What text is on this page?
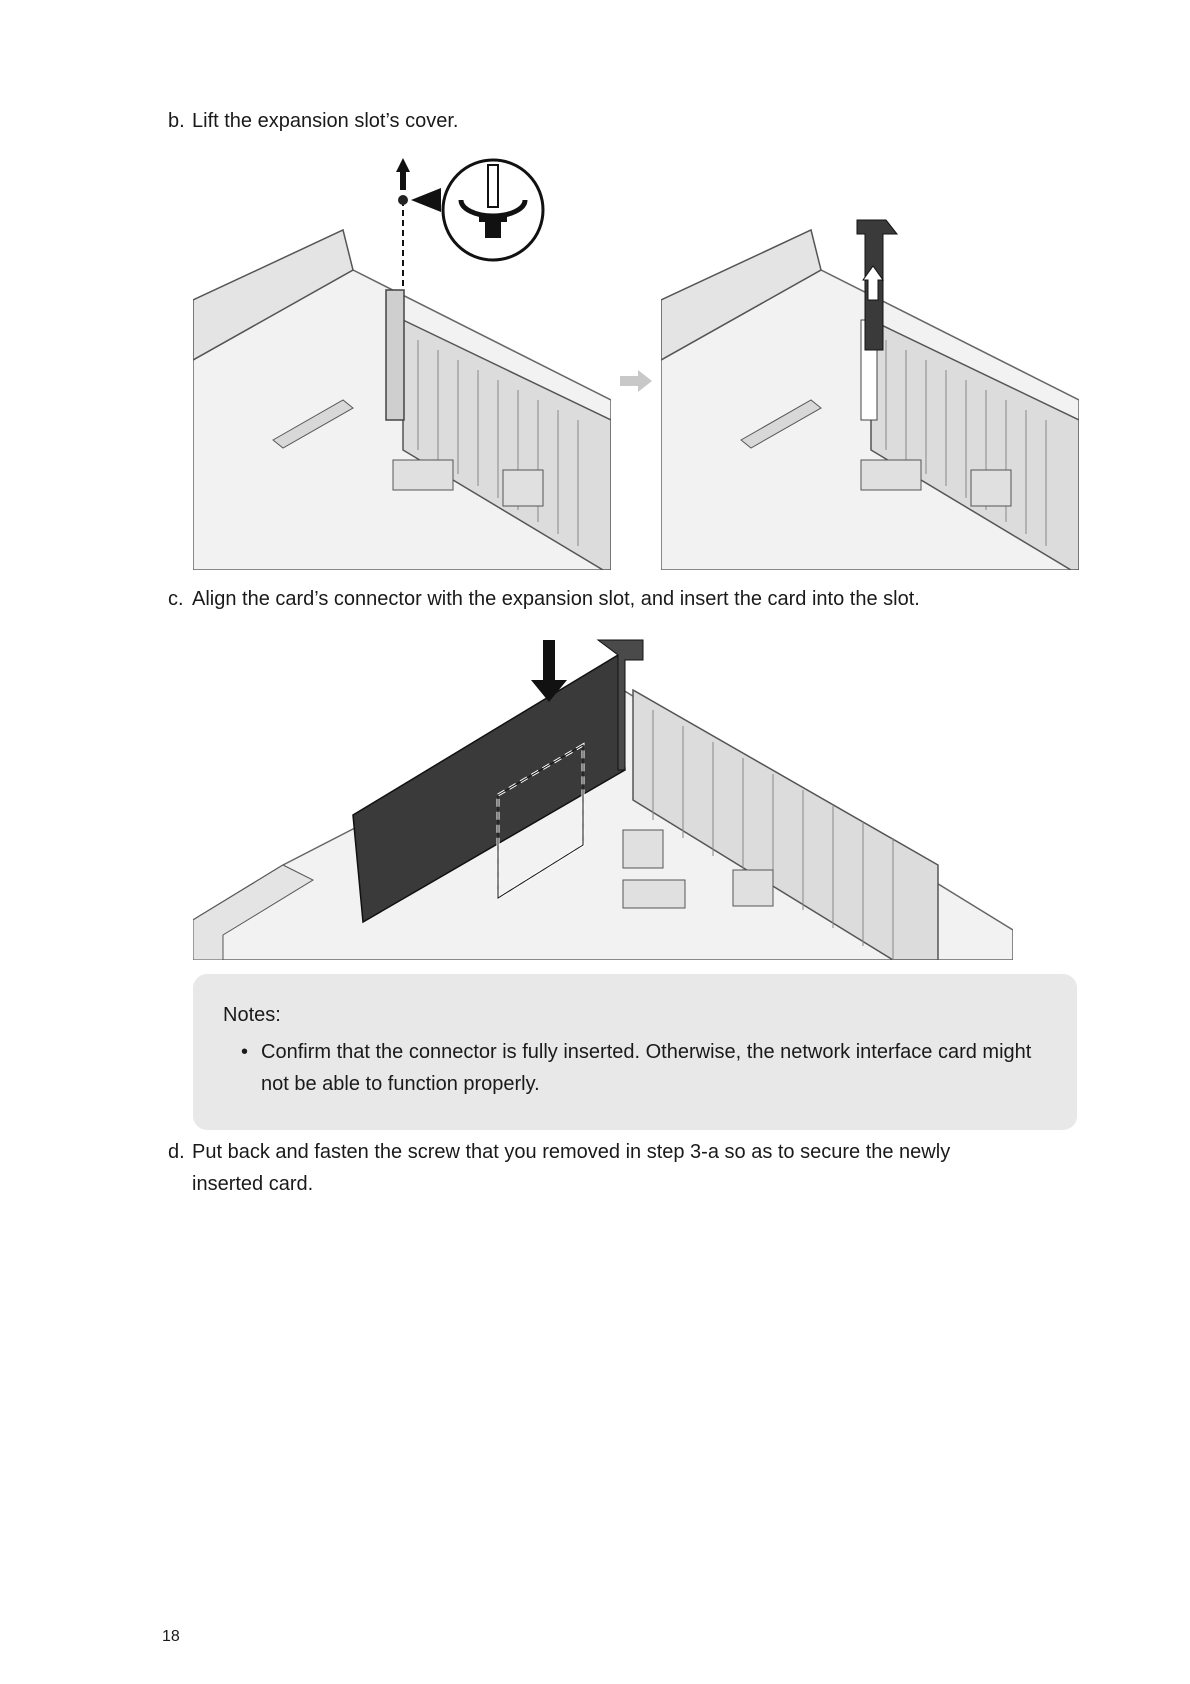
b. Lift the expansion slot’s cover.
c. Align the card’s connector with the expansion slot, and insert the card into the slot.
Notes:
• Confirm that the connector is fully inserted. Otherwise, the network interface card might not be able to function properly.
d. Put back and fasten the screw that you removed in step 3-a so as to secure the newly
inserted card.
18
